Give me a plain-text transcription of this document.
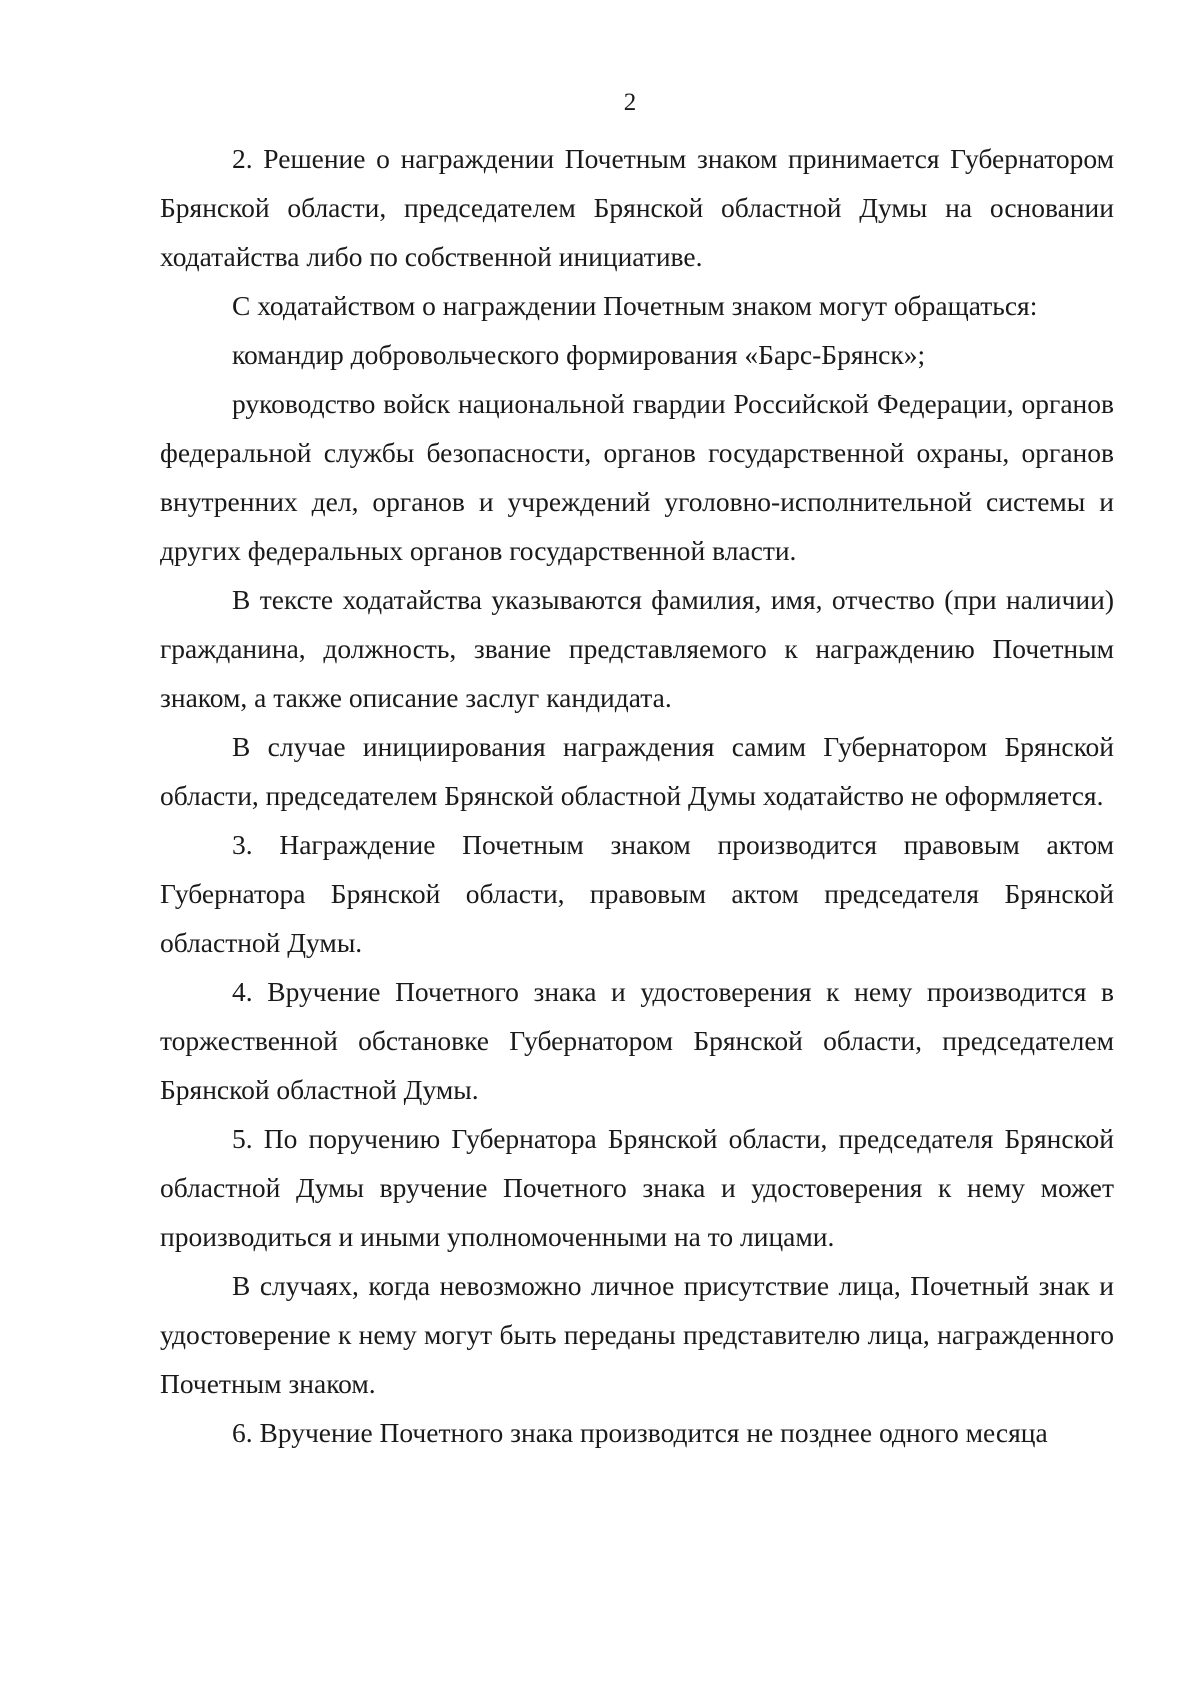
2

2. Решение о награждении Почетным знаком принимается Губернатором Брянской области, председателем Брянской областной Думы на основании ходатайства либо по собственной инициативе.

С ходатайством о награждении Почетным знаком могут обращаться:

командир добровольческого формирования «Барс-Брянск»;

руководство войск национальной гвардии Российской Федерации, органов федеральной службы безопасности, органов государственной охраны, органов внутренних дел, органов и учреждений уголовно-исполнительной системы и других федеральных органов государственной власти.

В тексте ходатайства указываются фамилия, имя, отчество (при наличии) гражданина, должность, звание представляемого к награждению Почетным знаком, а также описание заслуг кандидата.

В случае инициирования награждения самим Губернатором Брянской области, председателем Брянской областной Думы ходатайство не оформляется.

3. Награждение Почетным знаком производится правовым актом Губернатора Брянской области, правовым актом председателя Брянской областной Думы.

4. Вручение Почетного знака и удостоверения к нему производится в торжественной обстановке Губернатором Брянской области, председателем Брянской областной Думы.

5. По поручению Губернатора Брянской области, председателя Брянской областной Думы вручение Почетного знака и удостоверения к нему может производиться и иными уполномоченными на то лицами.

В случаях, когда невозможно личное присутствие лица, Почетный знак и удостоверение к нему могут быть переданы представителю лица, награжденного Почетным знаком.

6. Вручение Почетного знака производится не позднее одного месяца
